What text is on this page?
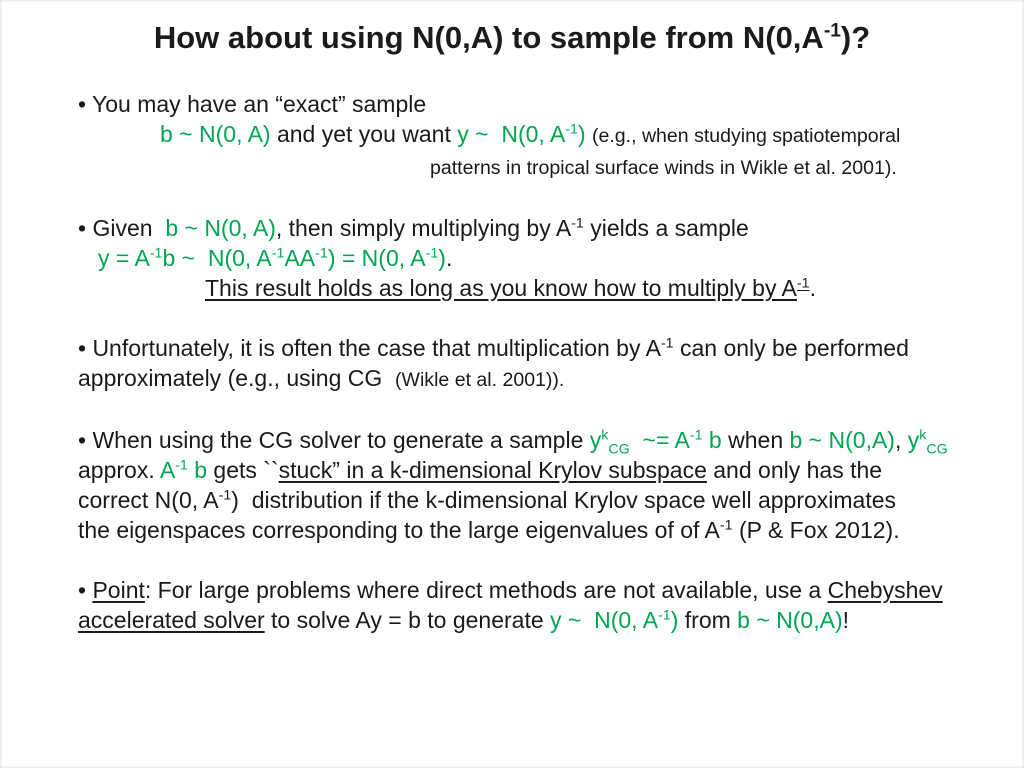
How about using N(0,A) to sample from $N(0,A^{-1})$?
• You may have an “exact” sample
b ~ N(0, A) and yet you want y ~  N(0, $A^{-1}$) (e.g., when studying spatiotemporal
patterns in tropical surface winds in Wikle et al. 2001).
• Given  b ~ N(0, A), then simply multiplying by $A^{-1}$ yields a sample
$y = A^{-1}b$ ~  N(0, $A^{-1}AA^{-1}) = N(0$, $A^{-1}$).
This result holds as long as you know how to multiply by $A^{-1}$.
• Unfortunately, it is often the case that multiplication by $A^{-1}$ can only be performed
approximately (e.g., using CG  (Wikle et al. 2001)).
• When using the CG solver to generate a sample $y^k_{CG}$  ~= $A^{-1}$ b when b ~ N(0,A), $y^k_{CG}$
approx. $A^{-1}$ b gets ``stuck” in a k-dimensional Krylov subspace and only has the
correct N(0, $A^{-1}$)  distribution if the k-dimensional Krylov space well approximates
the eigenspaces corresponding to the large eigenvalues of of $A^{-1}$ (P & Fox 2012).
• Point: For large problems where direct methods are not available, use a Chebyshev
accelerated solver to solve Ay = b to generate y ~  N(0, $A^{-1}$) from b ~ N(0,A)!
